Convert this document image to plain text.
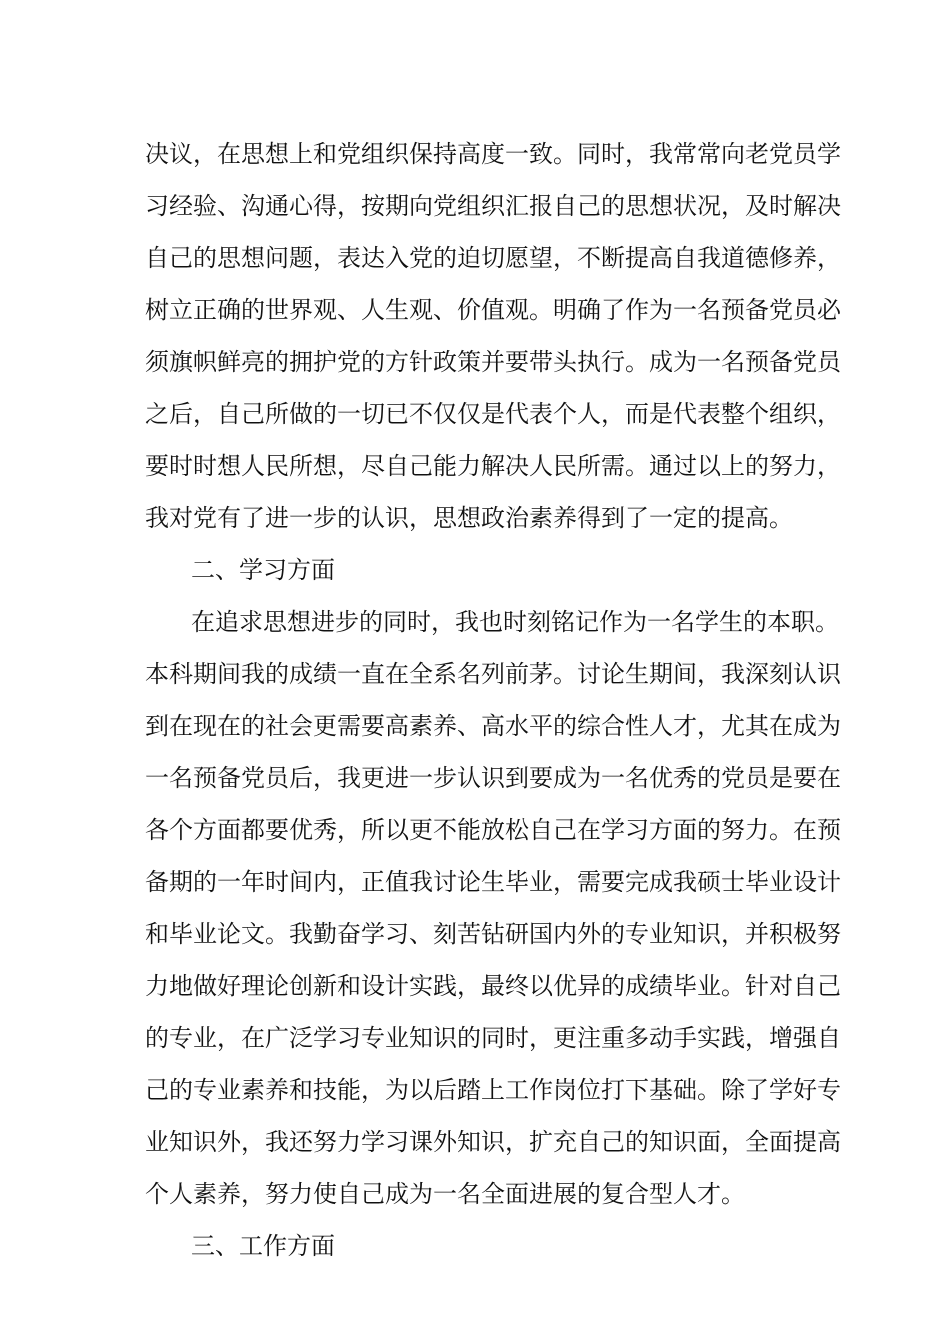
决议，在思想上和党组织保持高度一致。同时，我常常向老党员学
习经验、沟通心得，按期向党组织汇报自己的思想状况，及时解决
自己的思想问题，表达入党的迫切愿望，不断提高自我道德修养，
树立正确的世界观、人生观、价值观。明确了作为一名预备党员必
须旗帜鲜亮的拥护党的方针政策并要带头执行。成为一名预备党员
之后，自己所做的一切已不仅仅是代表个人，而是代表整个组织，
要时时想人民所想，尽自己能力解决人民所需。通过以上的努力，
我对党有了进一步的认识，思想政治素养得到了一定的提高。
二、学习方面
在追求思想进步的同时，我也时刻铭记作为一名学生的本职。
本科期间我的成绩一直在全系名列前茅。讨论生期间，我深刻认识
到在现在的社会更需要高素养、高水平的综合性人才，尤其在成为
一名预备党员后，我更进一步认识到要成为一名优秀的党员是要在
各个方面都要优秀，所以更不能放松自己在学习方面的努力。在预
备期的一年时间内，正值我讨论生毕业，需要完成我硕士毕业设计
和毕业论文。我勤奋学习、刻苦钻研国内外的专业知识，并积极努
力地做好理论创新和设计实践，最终以优异的成绩毕业。针对自己
的专业，在广泛学习专业知识的同时，更注重多动手实践，增强自
己的专业素养和技能，为以后踏上工作岗位打下基础。除了学好专
业知识外，我还努力学习课外知识，扩充自己的知识面，全面提高
个人素养，努力使自己成为一名全面进展的复合型人才。
三、工作方面
